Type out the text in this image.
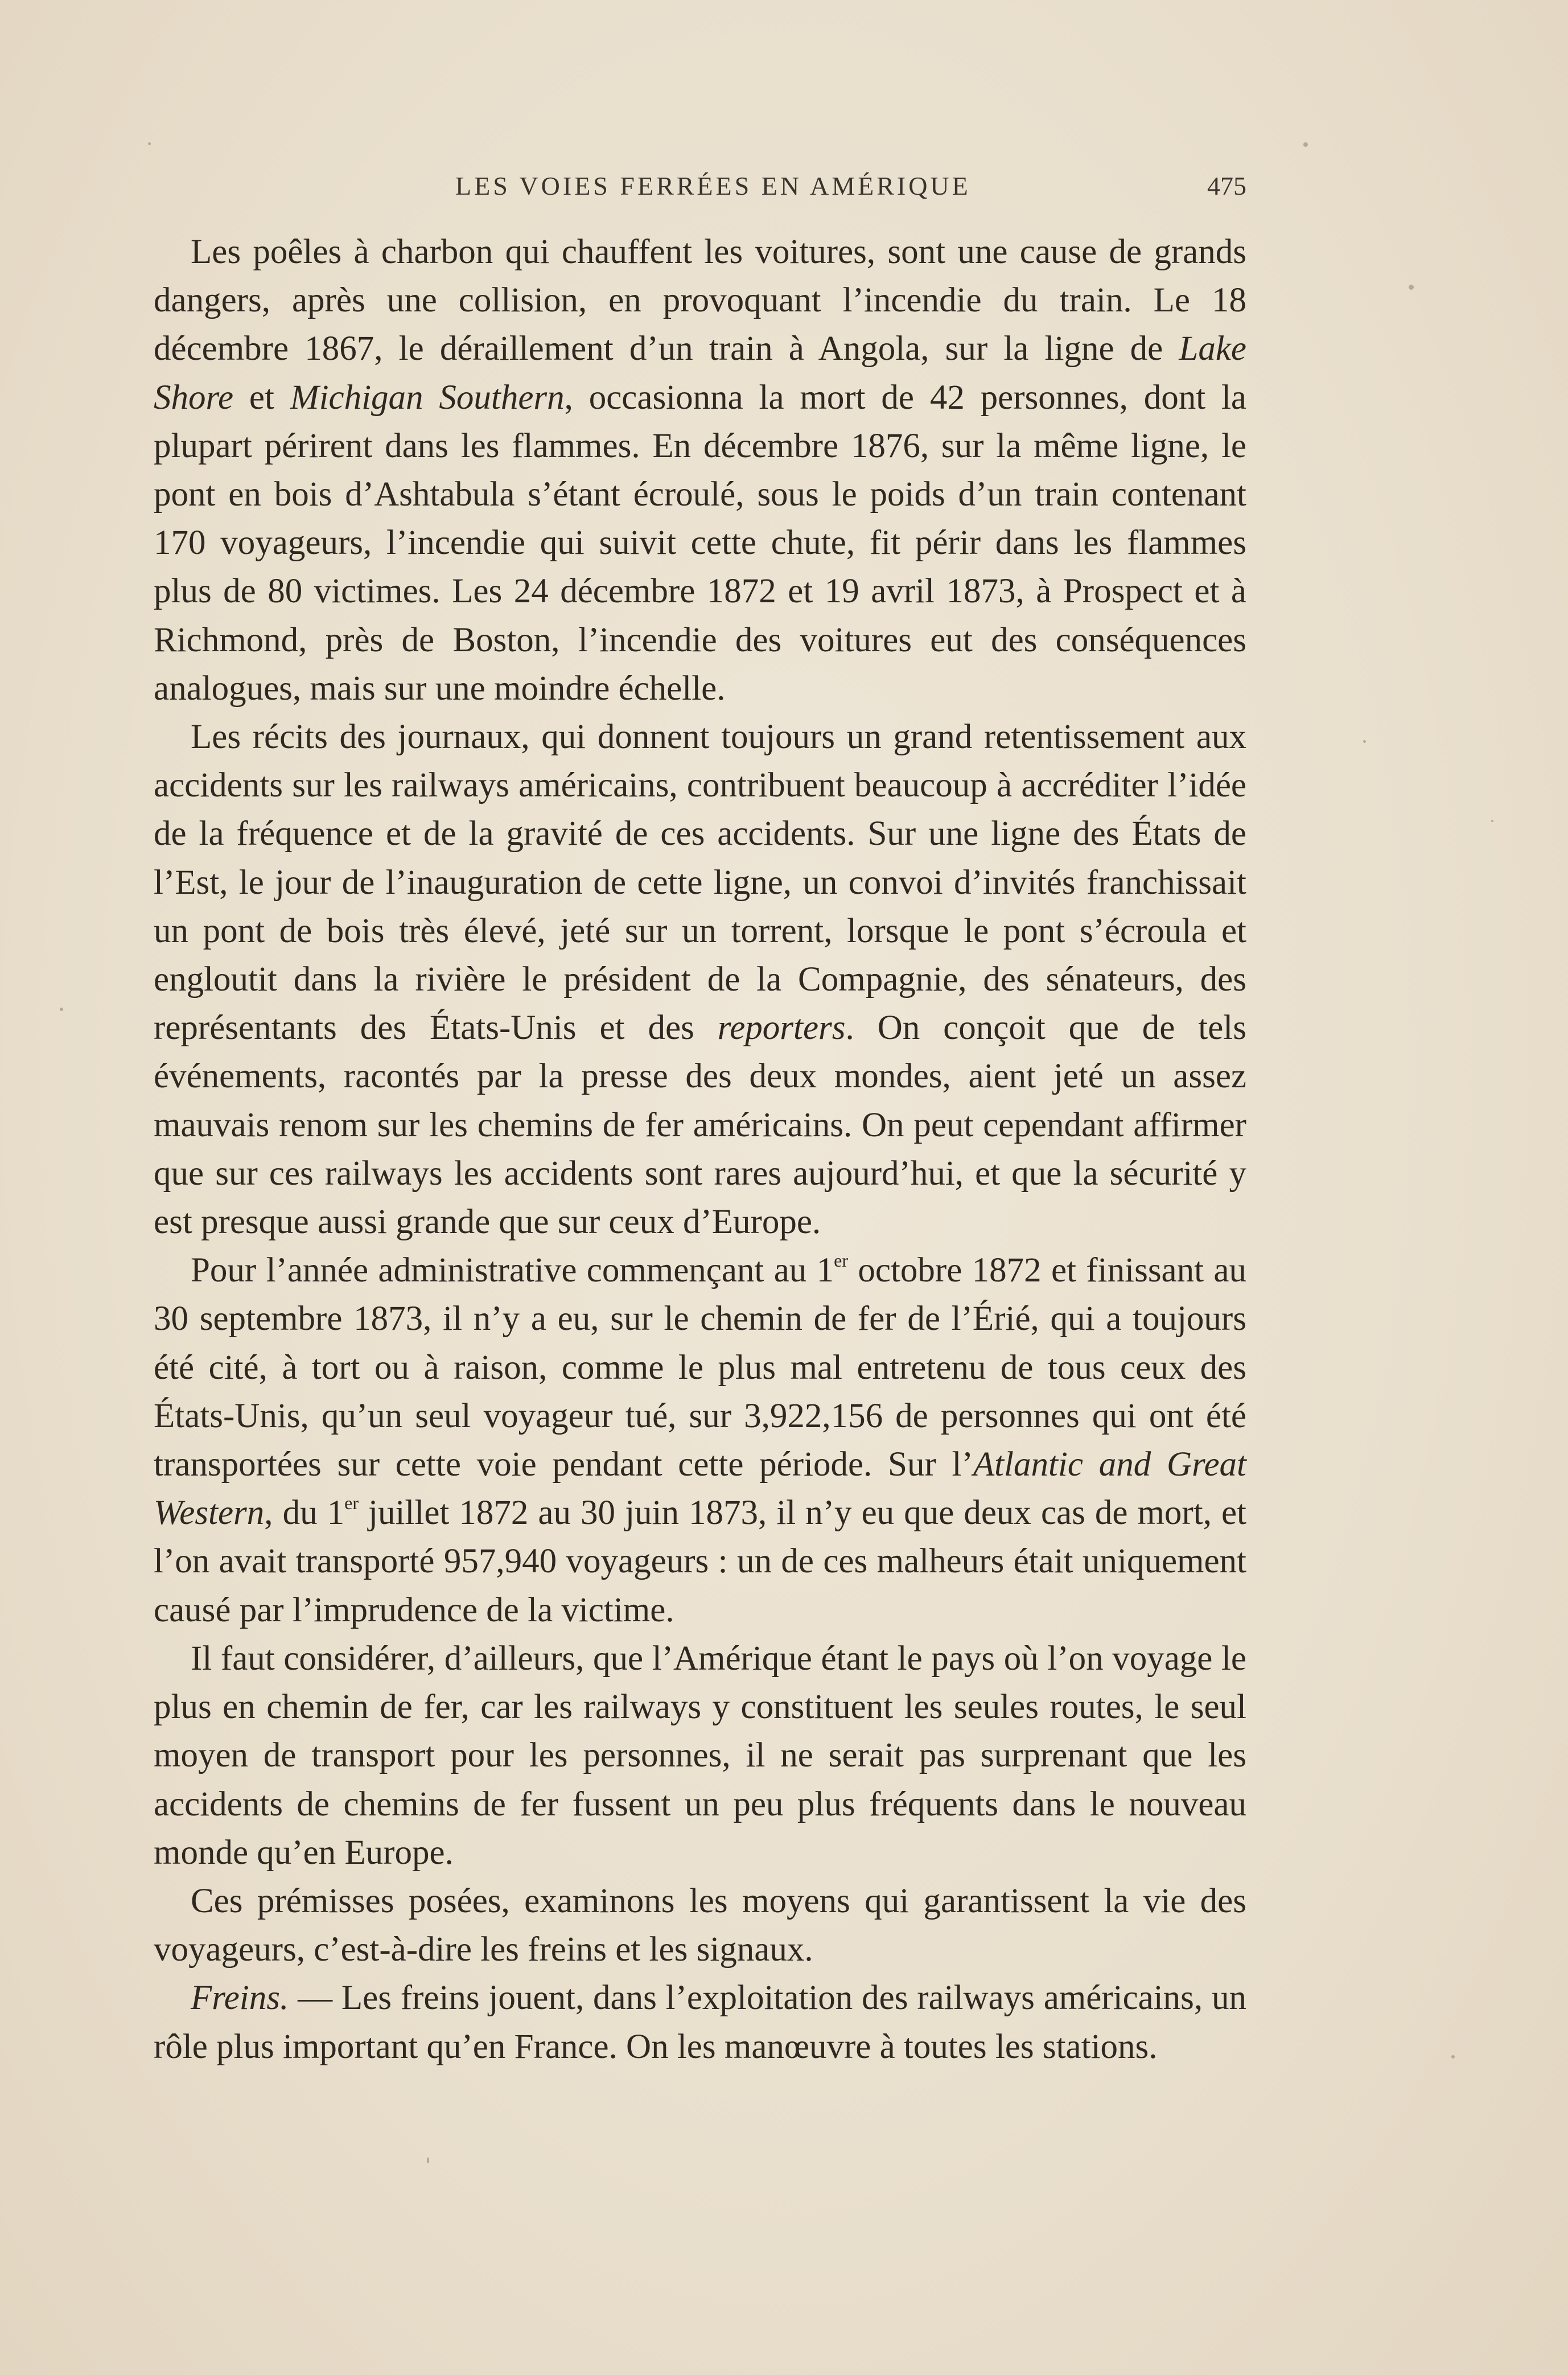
LES VOIES FERRÉES EN AMÉRIQUE	475

Les poêles à charbon qui chauffent les voitures, sont une cause de grands dangers, après une collision, en provoquant l’incendie du train. Le 18 décembre 1867, le déraillement d’un train à Angola, sur la ligne de Lake Shore et Michigan Southern, occasionna la mort de 42 personnes, dont la plupart périrent dans les flammes. En décembre 1876, sur la même ligne, le pont en bois d’Ashtabula s’étant écroulé, sous le poids d’un train contenant 170 voyageurs, l’incendie qui suivit cette chute, fit périr dans les flammes plus de 80 victimes. Les 24 décembre 1872 et 19 avril 1873, à Prospect et à Richmond, près de Boston, l’incendie des voitures eut des conséquences analogues, mais sur une moindre échelle.

Les récits des journaux, qui donnent toujours un grand retentissement aux accidents sur les railways américains, contribuent beaucoup à accréditer l’idée de la fréquence et de la gravité de ces accidents. Sur une ligne des États de l’Est, le jour de l’inauguration de cette ligne, un convoi d’invités franchissait un pont de bois très élevé, jeté sur un torrent, lorsque le pont s’écroula et engloutit dans la rivière le président de la Compagnie, des sénateurs, des représentants des États-Unis et des reporters. On conçoit que de tels événements, racontés par la presse des deux mondes, aient jeté un assez mauvais renom sur les chemins de fer américains. On peut cependant affirmer que sur ces railways les accidents sont rares aujourd’hui, et que la sécurité y est presque aussi grande que sur ceux d’Europe.

Pour l’année administrative commençant au 1er octobre 1872 et finissant au 30 septembre 1873, il n’y a eu, sur le chemin de fer de l’Érié, qui a toujours été cité, à tort ou à raison, comme le plus mal entretenu de tous ceux des États-Unis, qu’un seul voyageur tué, sur 3,922,156 de personnes qui ont été transportées sur cette voie pendant cette période. Sur l’Atlantic and Great Western, du 1er juillet 1872 au 30 juin 1873, il n’y eu que deux cas de mort, et l’on avait transporté 957,940 voyageurs : un de ces malheurs était uniquement causé par l’imprudence de la victime.

Il faut considérer, d’ailleurs, que l’Amérique étant le pays où l’on voyage le plus en chemin de fer, car les railways y constituent les seules routes, le seul moyen de transport pour les personnes, il ne serait pas surprenant que les accidents de chemins de fer fussent un peu plus fréquents dans le nouveau monde qu’en Europe.

Ces prémisses posées, examinons les moyens qui garantissent la vie des voyageurs, c’est-à-dire les freins et les signaux.

Freins. — Les freins jouent, dans l’exploitation des railways américains, un rôle plus important qu’en France. On les manœuvre à toutes les stations.
